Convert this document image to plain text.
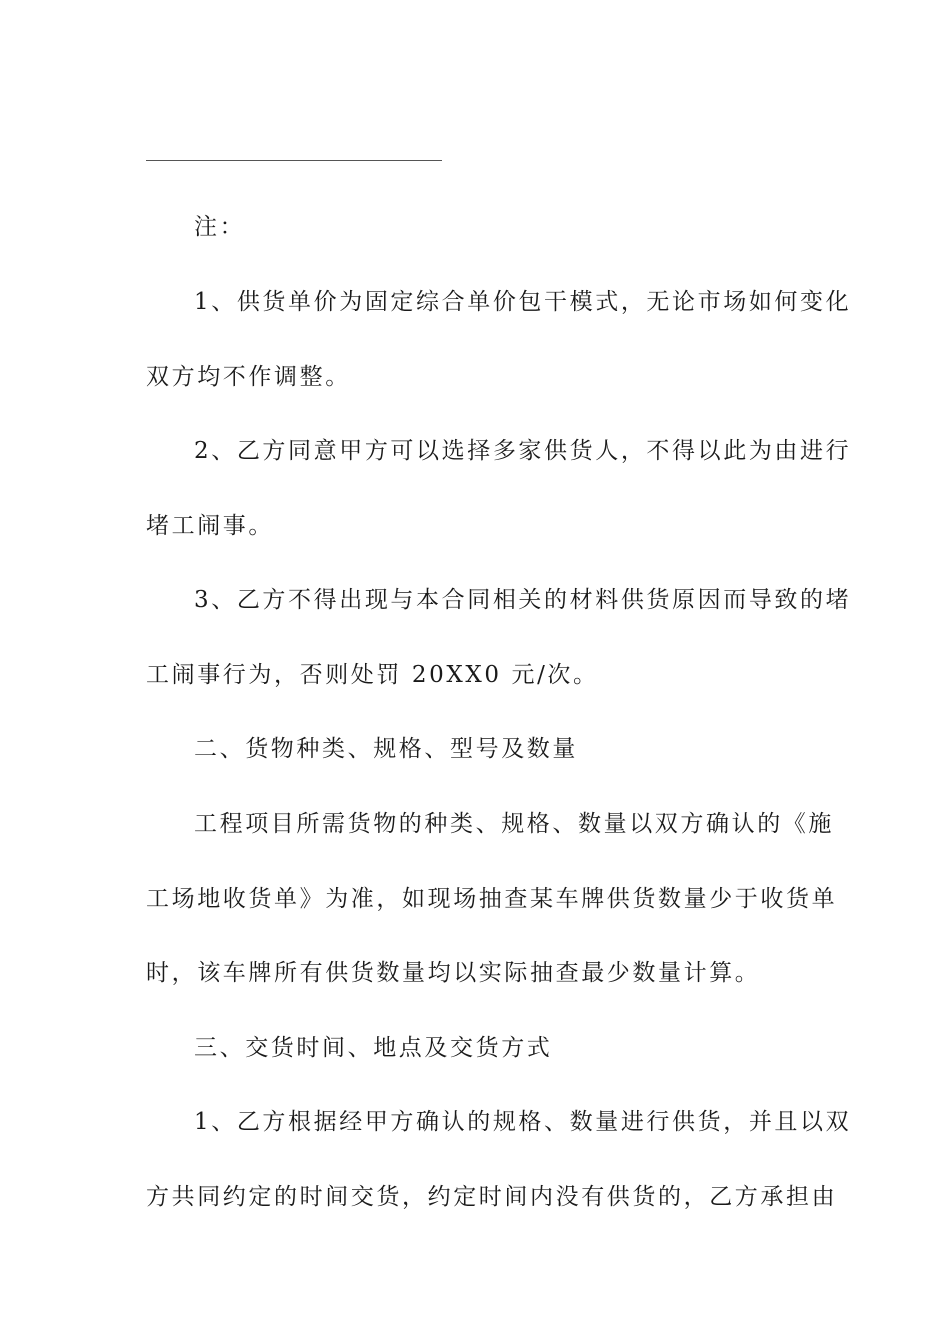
注：
1、供货单价为固定综合单价包干模式，无论市场如何变化
双方均不作调整。
2、乙方同意甲方可以选择多家供货人，不得以此为由进行
堵工闹事。
3、乙方不得出现与本合同相关的材料供货原因而导致的堵
工闹事行为，否则处罚 20XX0 元/次。
二、货物种类、规格、型号及数量
工程项目所需货物的种类、规格、数量以双方确认的《施
工场地收货单》为准，如现场抽查某车牌供货数量少于收货单
时，该车牌所有供货数量均以实际抽查最少数量计算。
三、交货时间、地点及交货方式
1、乙方根据经甲方确认的规格、数量进行供货，并且以双
方共同约定的时间交货，约定时间内没有供货的，乙方承担由
